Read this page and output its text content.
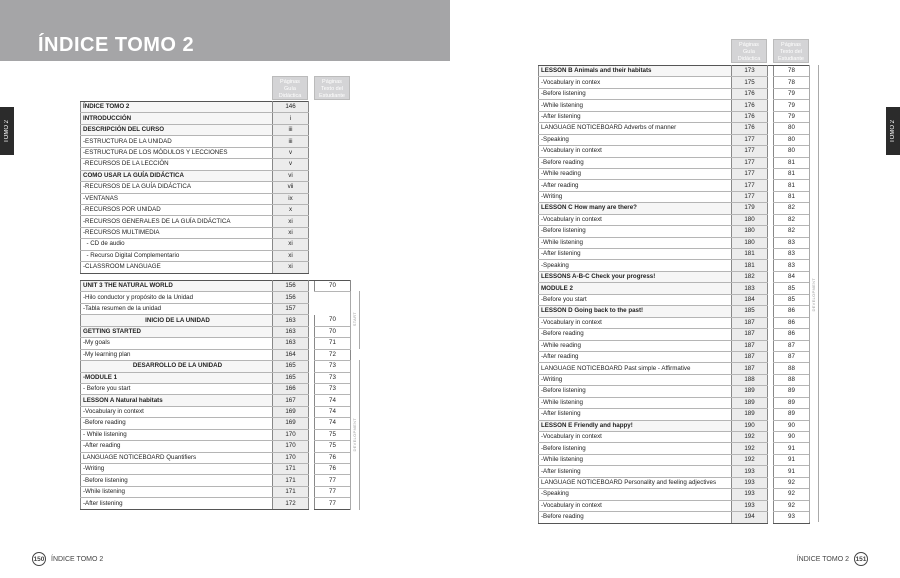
ÍNDICE TOMO 2
TOMO 2	TOMO 2
Páginas
Guía
Didáctica
Páginas
Texto del
Estudiante
Páginas
Guía
Didáctica
Páginas
Texto del
Estudiante
ÍNDICE TOMO 2	146
INTRODUCCIÓN	i
DESCRIPCIÓN DEL CURSO	iii
-ESTRUCTURA DE LA UNIDAD	iii
-ESTRUCTURA DE LOS MÓDULOS Y LECCIONES	v
-RECURSOS DE LA LECCIÓN	v
COMO USAR LA GUÍA DIDÁCTICA	vi
-RECURSOS DE LA GUÍA DIDÁCTICA	vii
-VENTANAS	ix
-RECURSOS POR UNIDAD	x
-RECURSOS GENERALES DE LA GUÍA DIDÁCTICA	xi
-RECURSOS MULTIMEDIA	xi
- CD de audio	xi
- Recurso Digital Complementario	xi
-CLASSROOM LANGUAGE	xi
UNIT 3 THE NATURAL WORLD	156		70
-Hilo conductor y propósito de la Unidad	156		
-Tabla resumen de la unidad	157		
INICIO DE LA UNIDAD	163		70
GETTING STARTED	163		70
-My goals	163		71
-My learning plan	164		72
DESARROLLO DE LA UNIDAD	165		73
-MODULE 1	165		73
- Before you start	166		73
LESSON A Natural habitats	167		74
-Vocabulary in context	169		74
-Before reading	169		74
- While listening	170		75
-After reading	170		75
LANGUAGE NOTICEBOARD Quantifiers	170		76
-Writing	171		76
-Before listening	171		77
-While listening	171		77
-After listening	172		77
LESSON B Animals and their habitats	173		78
-Vocabulary in contex	175		78
-Before listening	176		79
-While listening	176		79
-After listening	176		79
LANGUAGE NOTICEBOARD Adverbs of manner	176		80
-Speaking	177		80
-Vocabulary in context	177		80
-Before reading	177		81
-While reading	177		81
-After reading	177		81
-Writing	177		81
LESSON C How many are there?	179		82
-Vocabulary in context	180		82
-Before listening	180		82
-While listening	180		83
-After listening	181		83
-Speaking	181		83
LESSONS A-B-C Check your progress!	182		84
MODULE 2	183		85
-Before you start	184		85
LESSON D Going back to the past!	185		86
-Vocabulary in context	187		86
-Before reading	187		86
-While reading	187		87
-After reading	187		87
LANGUAGE NOTICEBOARD Past simple - Affirmative	187		88
-Writing	188		88
-Before listening	189		89
-While listening	189		89
-After listening	189		89
LESSON E Friendly and happy!	190		90
-Vocabulary in context	192		90
-Before listening	192		91
-While listening	192		91
-After listening	193		91
LANGUAGE NOTICEBOARD Personality and feeling adjectives	193		92
-Speaking	193		92
-Vocabulary in context	193		92
-Before reading	194		93
START
DEVELOPMENT
DEVELOPMENT
150 ÍNDICE TOMO 2	ÍNDICE TOMO 2 151
